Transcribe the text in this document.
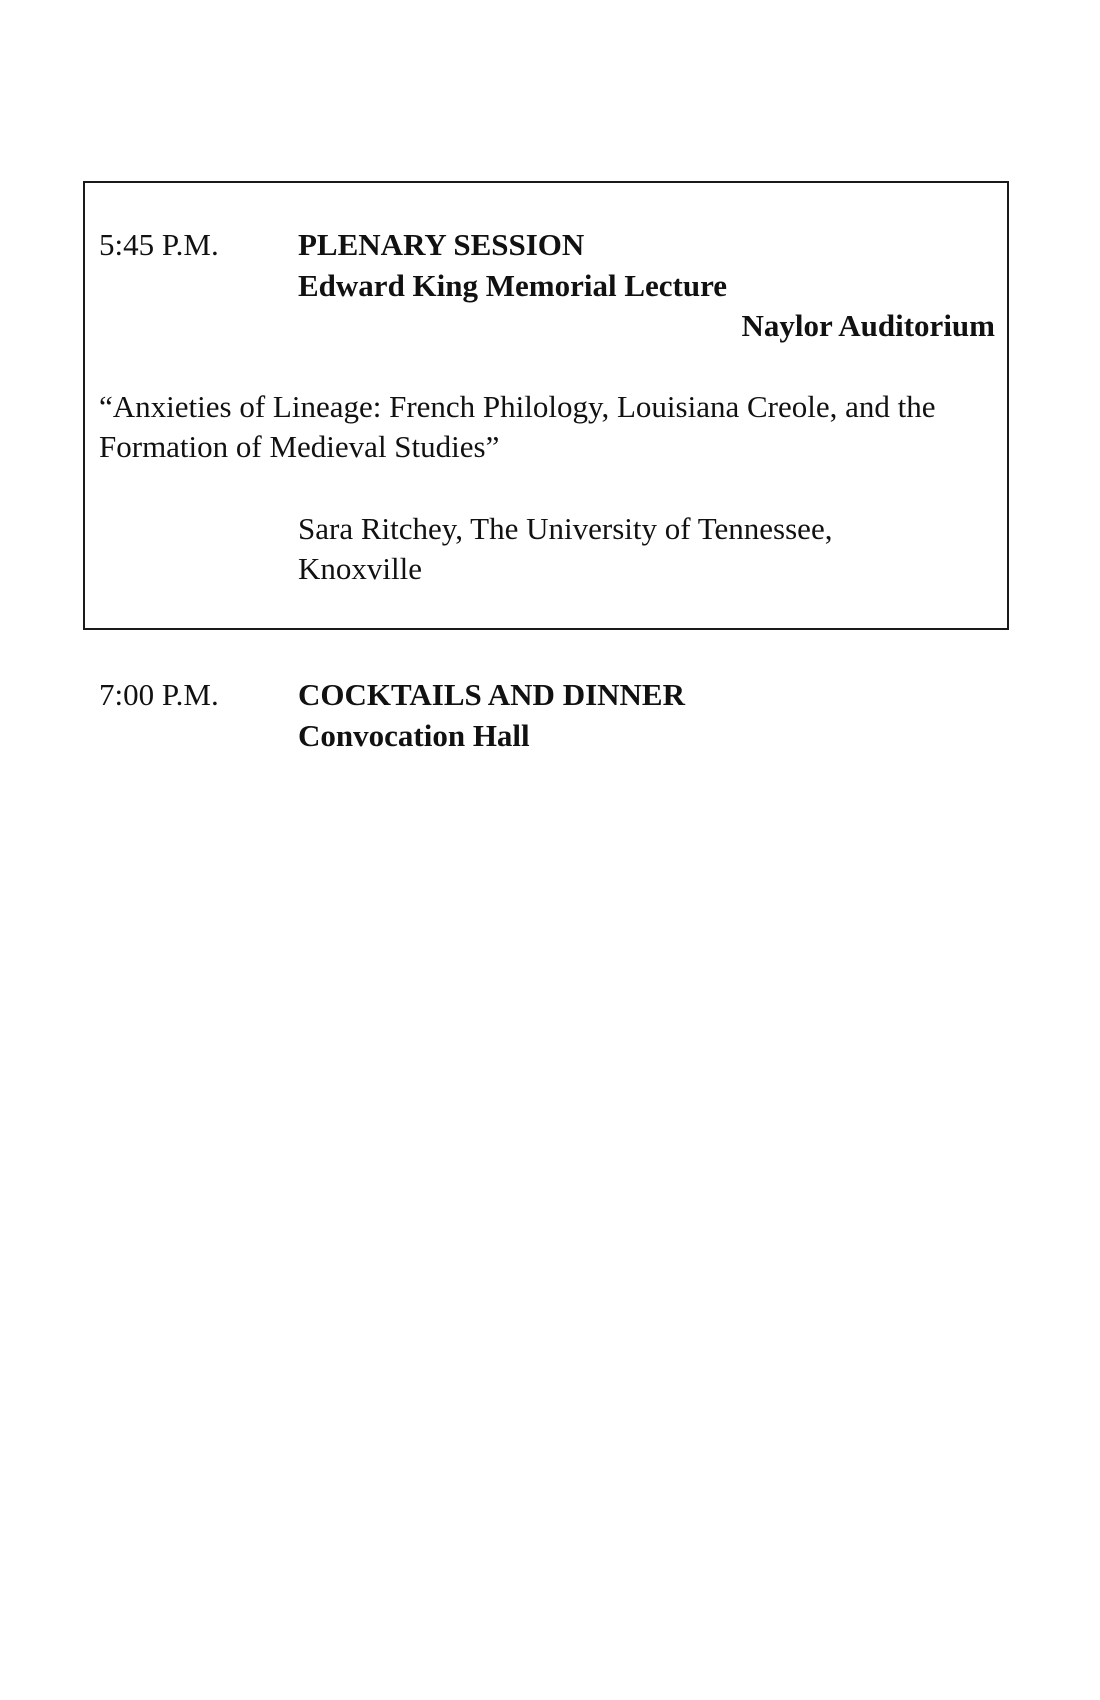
5:45 P.M.	PLENARY SESSION
Edward King Memorial Lecture
Naylor Auditorium
“Anxieties of Lineage: French Philology, Louisiana Creole, and the Formation of Medieval Studies”
Sara Ritchey, The University of Tennessee, Knoxville
7:00 P.M.	COCKTAILS AND DINNER
Convocation Hall
